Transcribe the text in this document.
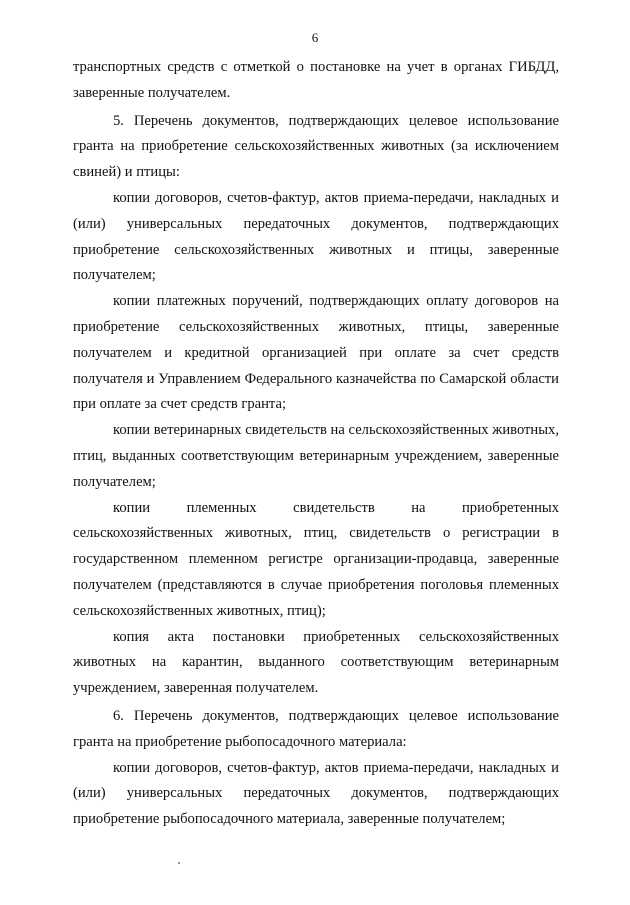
6

транспортных средств с отметкой о постановке на учет в органах ГИБДД, заверенные получателем.

5. Перечень документов, подтверждающих целевое использование гранта на приобретение сельскохозяйственных животных (за исключением свиней) и птицы:

копии договоров, счетов-фактур, актов приема-передачи, накладных и (или) универсальных передаточных документов, подтверждающих приобретение сельскохозяйственных животных и птицы, заверенные получателем;

копии платежных поручений, подтверждающих оплату договоров на приобретение сельскохозяйственных животных, птицы, заверенные получателем и кредитной организацией при оплате за счет средств получателя и Управлением Федерального казначейства по Самарской области при оплате за счет средств гранта;

копии ветеринарных свидетельств на сельскохозяйственных животных, птиц, выданных соответствующим ветеринарным учреждением, заверенные получателем;

копии племенных свидетельств на приобретенных сельскохозяйственных животных, птиц, свидетельств о регистрации в государственном племенном регистре организации-продавца, заверенные получателем (представляются в случае приобретения поголовья племенных сельскохозяйственных животных, птиц);

копия акта постановки приобретенных сельскохозяйственных животных на карантин, выданного соответствующим ветеринарным учреждением, заверенная получателем.

6. Перечень документов, подтверждающих целевое использование гранта на приобретение рыбопосадочного материала:

копии договоров, счетов-фактур, актов приема-передачи, накладных и (или) универсальных передаточных документов, подтверждающих приобретение рыбопосадочного материала, заверенные получателем;
